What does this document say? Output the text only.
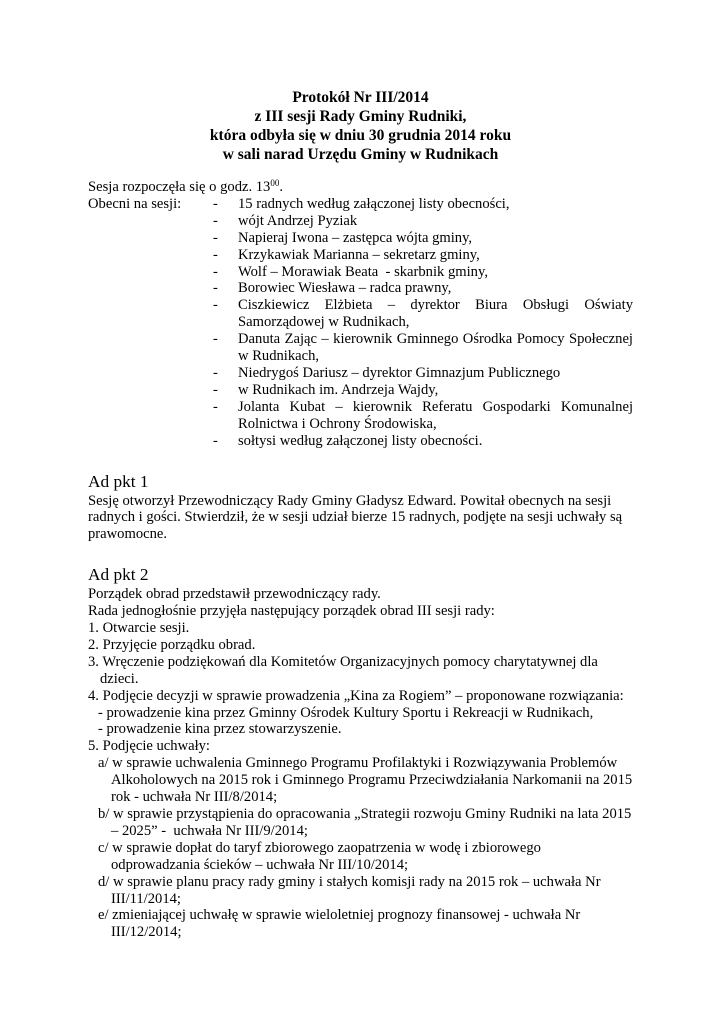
Protokół Nr III/2014
z III sesji Rady Gminy Rudniki,
która odbyła się w dniu 30 grudnia 2014 roku
w sali narad Urzędu Gminy w Rudnikach

Sesja rozpoczęła się o godz. $13^{00}$.

Obecni na sesji:	-	15 radnych według załączonej listy obecności,
-	wójt Andrzej Pyziak
-	Napieraj Iwona – zastępca wójta gminy,
-	Krzykawiak Marianna – sekretarz gminy,
-	Wolf – Morawiak Beata  - skarbnik gminy,
-	Borowiec Wiesława – radca prawny,
-	Ciszkiewicz Elżbieta – dyrektor Biura Obsługi Oświaty Samorządowej w Rudnikach,
-	Danuta Zając – kierownik Gminnego Ośrodka Pomocy Społecznej w Rudnikach,
-	Niedrygoś Dariusz – dyrektor Gimnazjum Publicznego
-	w Rudnikach im. Andrzeja Wajdy,
-	Jolanta Kubat – kierownik Referatu Gospodarki Komunalnej Rolnictwa i Ochrony Środowiska,
-	sołtysi według załączonej listy obecności.
Ad pkt 1

Sesję otworzył Przewodniczący Rady Gminy Gładysz Edward. Powitał obecnych na sesji radnych i gości. Stwierdził, że w sesji udział bierze 15 radnych, podjęte na sesji uchwały są prawomocne.

Ad pkt 2

Porządek obrad przedstawił przewodniczący rady.

Rada jednogłośnie przyjęła następujący porządek obrad III sesji rady:

1. Otwarcie sesji.

2. Przyjęcie porządku obrad.

3. Wręczenie podziękowań dla Komitetów Organizacyjnych pomocy charytatywnej dla dzieci.

4. Podjęcie decyzji w sprawie prowadzenia „Kina za Rogiem” – proponowane rozwiązania:

- prowadzenie kina przez Gminny Ośrodek Kultury Sportu i Rekreacji w Rudnikach,

- prowadzenie kina przez stowarzyszenie.

5. Podjęcie uchwały:

a/ w sprawie uchwalenia Gminnego Programu Profilaktyki i Rozwiązywania Problemów Alkoholowych na 2015 rok i Gminnego Programu Przeciwdziałania Narkomanii na 2015 rok - uchwała Nr III/8/2014;

b/ w sprawie przystąpienia do opracowania „Strategii rozwoju Gminy Rudniki na lata 2015 – 2025” -  uchwała Nr III/9/2014;

c/ w sprawie dopłat do taryf zbiorowego zaopatrzenia w wodę i zbiorowego odprowadzania ścieków – uchwała Nr III/10/2014;

d/ w sprawie planu pracy rady gminy i stałych komisji rady na 2015 rok – uchwała Nr III/11/2014;

e/ zmieniającej uchwałę w sprawie wieloletniej prognozy finansowej - uchwała Nr III/12/2014;
